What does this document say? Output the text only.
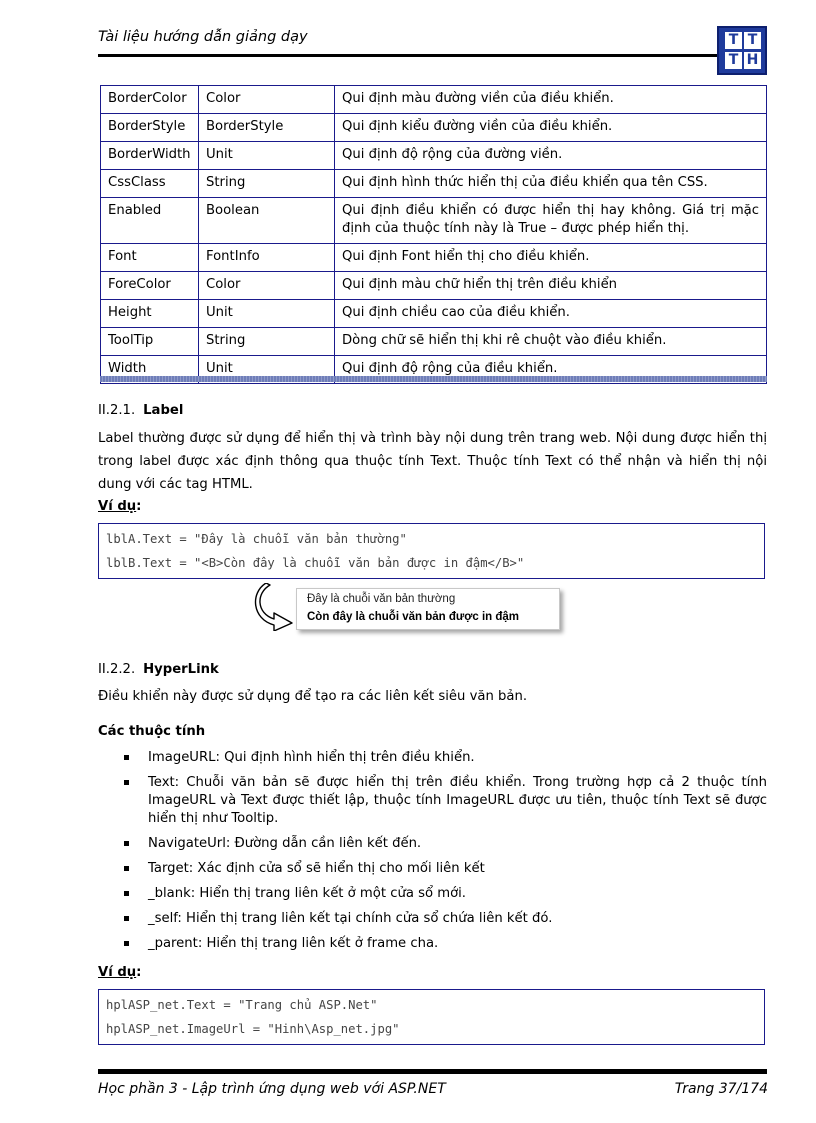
Tài liệu hướng dẫn giảng dạy	T T
T H
BorderColor	Color	Qui định màu đường viền của điều khiển.
BorderStyle	BorderStyle	Qui định kiểu đường viền của điều khiển.
BorderWidth	Unit	Qui định độ rộng của đường viền.
CssClass	String	Qui định hình thức hiển thị của điều khiển qua tên CSS.
Enabled	Boolean	Qui định điều khiển có được hiển thị hay không. Giá trị mặc định của thuộc tính này là True – được phép hiển thị.
Font	FontInfo	Qui định Font hiển thị cho điều khiển.
ForeColor	Color	Qui định màu chữ hiển thị trên điều khiển
Height	Unit	Qui định chiều cao của điều khiển.
ToolTip	String	Dòng chữ sẽ hiển thị khi rê chuột vào điều khiển.
Width	Unit	Qui định độ rộng của điều khiển.
II.2.1. Label

Label thường được sử dụng để hiển thị và trình bày nội dung trên trang web. Nội dung được hiển thị trong label được xác định thông qua thuộc tính Text. Thuộc tính Text có thể nhận và hiển thị nội dung với các tag HTML.

Ví dụ:
lblA.Text = "Đây là chuỗi văn bản thường"
lblB.Text = "<B>Còn đây là chuỗi văn bản được in đậm</B>"
Đây là chuỗi văn bản thường
Còn đây là chuỗi văn bản được in đậm
II.2.2. HyperLink

Điều khiển này được sử dụng để tạo ra các liên kết siêu văn bản.

Các thuộc tính
ImageURL: Qui định hình hiển thị trên điều khiển.
Text: Chuỗi văn bản sẽ được hiển thị trên điều khiển. Trong trường hợp cả 2 thuộc tính ImageURL và Text được thiết lập, thuộc tính ImageURL được ưu tiên, thuộc tính Text sẽ được hiển thị như Tooltip.
NavigateUrl: Đường dẫn cần liên kết đến.
Target: Xác định cửa sổ sẽ hiển thị cho mối liên kết
_blank: Hiển thị trang liên kết ở một cửa sổ mới.
_self: Hiển thị trang liên kết tại chính cửa sổ chứa liên kết đó.
_parent: Hiển thị trang liên kết ở frame cha.
Ví dụ:
hplASP_net.Text = "Trang chủ ASP.Net"
hplASP_net.ImageUrl = "Hinh\Asp_net.jpg"
Học phần 3 - Lập trình ứng dụng web với ASP.NET	Trang 37/174
